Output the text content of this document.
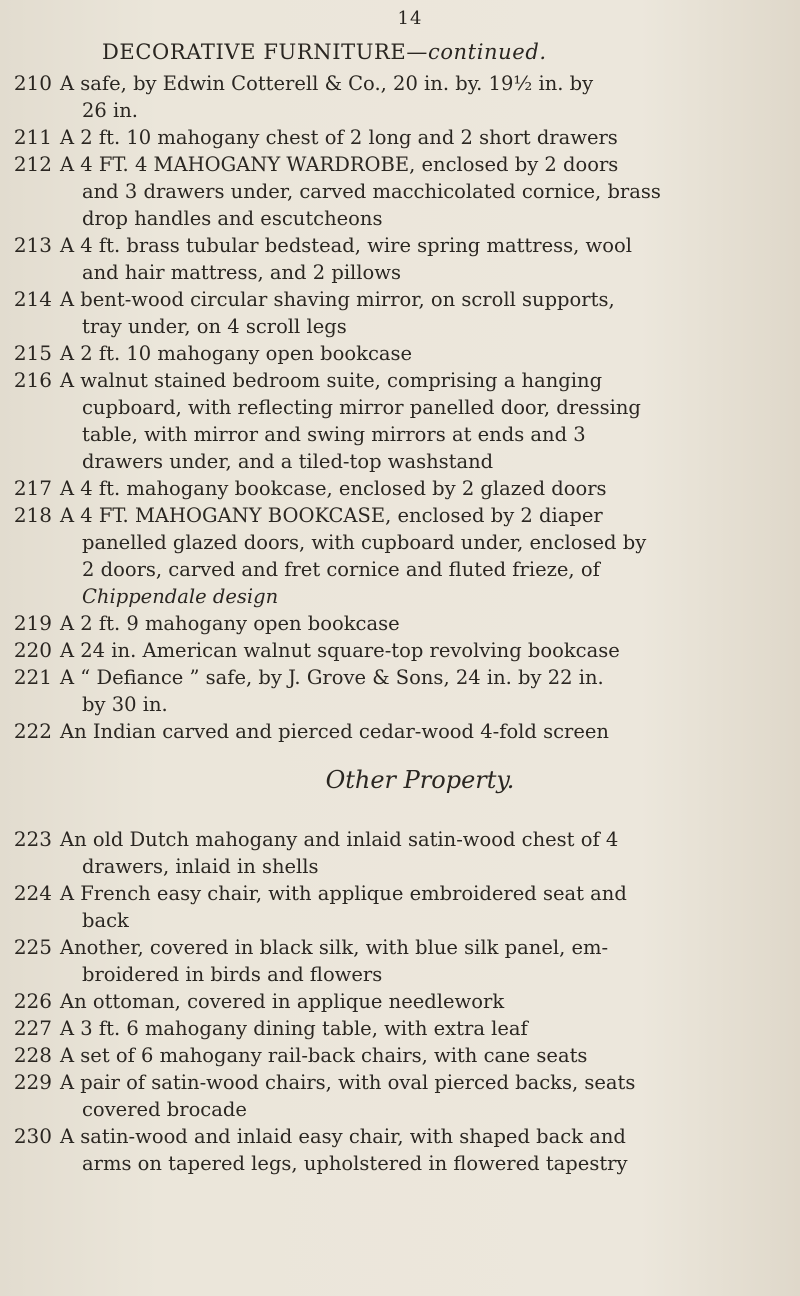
14
DECORATIVE FURNITURE—continued.
210 A safe, by Edwin Cotterell & Co., 20 in. by. 19½ in. by
26 in.
211 A 2 ft. 10 mahogany chest of 2 long and 2 short drawers
212 A 4 FT. 4 MAHOGANY WARDROBE, enclosed by 2 doors
and 3 drawers under, carved macchicolated cornice, brass
drop handles and escutcheons
213 A 4 ft. brass tubular bedstead, wire spring mattress, wool
and hair mattress, and 2 pillows
214 A bent-wood circular shaving mirror, on scroll supports,
tray under, on 4 scroll legs
215 A 2 ft. 10 mahogany open bookcase
216 A walnut stained bedroom suite, comprising a hanging
cupboard, with reflecting mirror panelled door, dressing
table, with mirror and swing mirrors at ends and 3
drawers under, and a tiled-top washstand
217 A 4 ft. mahogany bookcase, enclosed by 2 glazed doors
218 A 4 FT. MAHOGANY BOOKCASE, enclosed by 2 diaper
panelled glazed doors, with cupboard under, enclosed by
2 doors, carved and fret cornice and fluted frieze, of
Chippendale design
219 A 2 ft. 9 mahogany open bookcase
220 A 24 in. American walnut square-top revolving bookcase
221 A “ Defiance ” safe, by J. Grove & Sons, 24 in. by 22 in.
by 30 in.
222 An Indian carved and pierced cedar-wood 4-fold screen
Other Property.
223 An old Dutch mahogany and inlaid satin-wood chest of 4
drawers, inlaid in shells
224 A French easy chair, with applique embroidered seat and
back
225 Another, covered in black silk, with blue silk panel, em-
broidered in birds and flowers
226 An ottoman, covered in applique needlework
227 A 3 ft. 6 mahogany dining table, with extra leaf
228 A set of 6 mahogany rail-back chairs, with cane seats
229 A pair of satin-wood chairs, with oval pierced backs, seats
covered brocade
230 A satin-wood and inlaid easy chair, with shaped back and
arms on tapered legs, upholstered in flowered tapestry
